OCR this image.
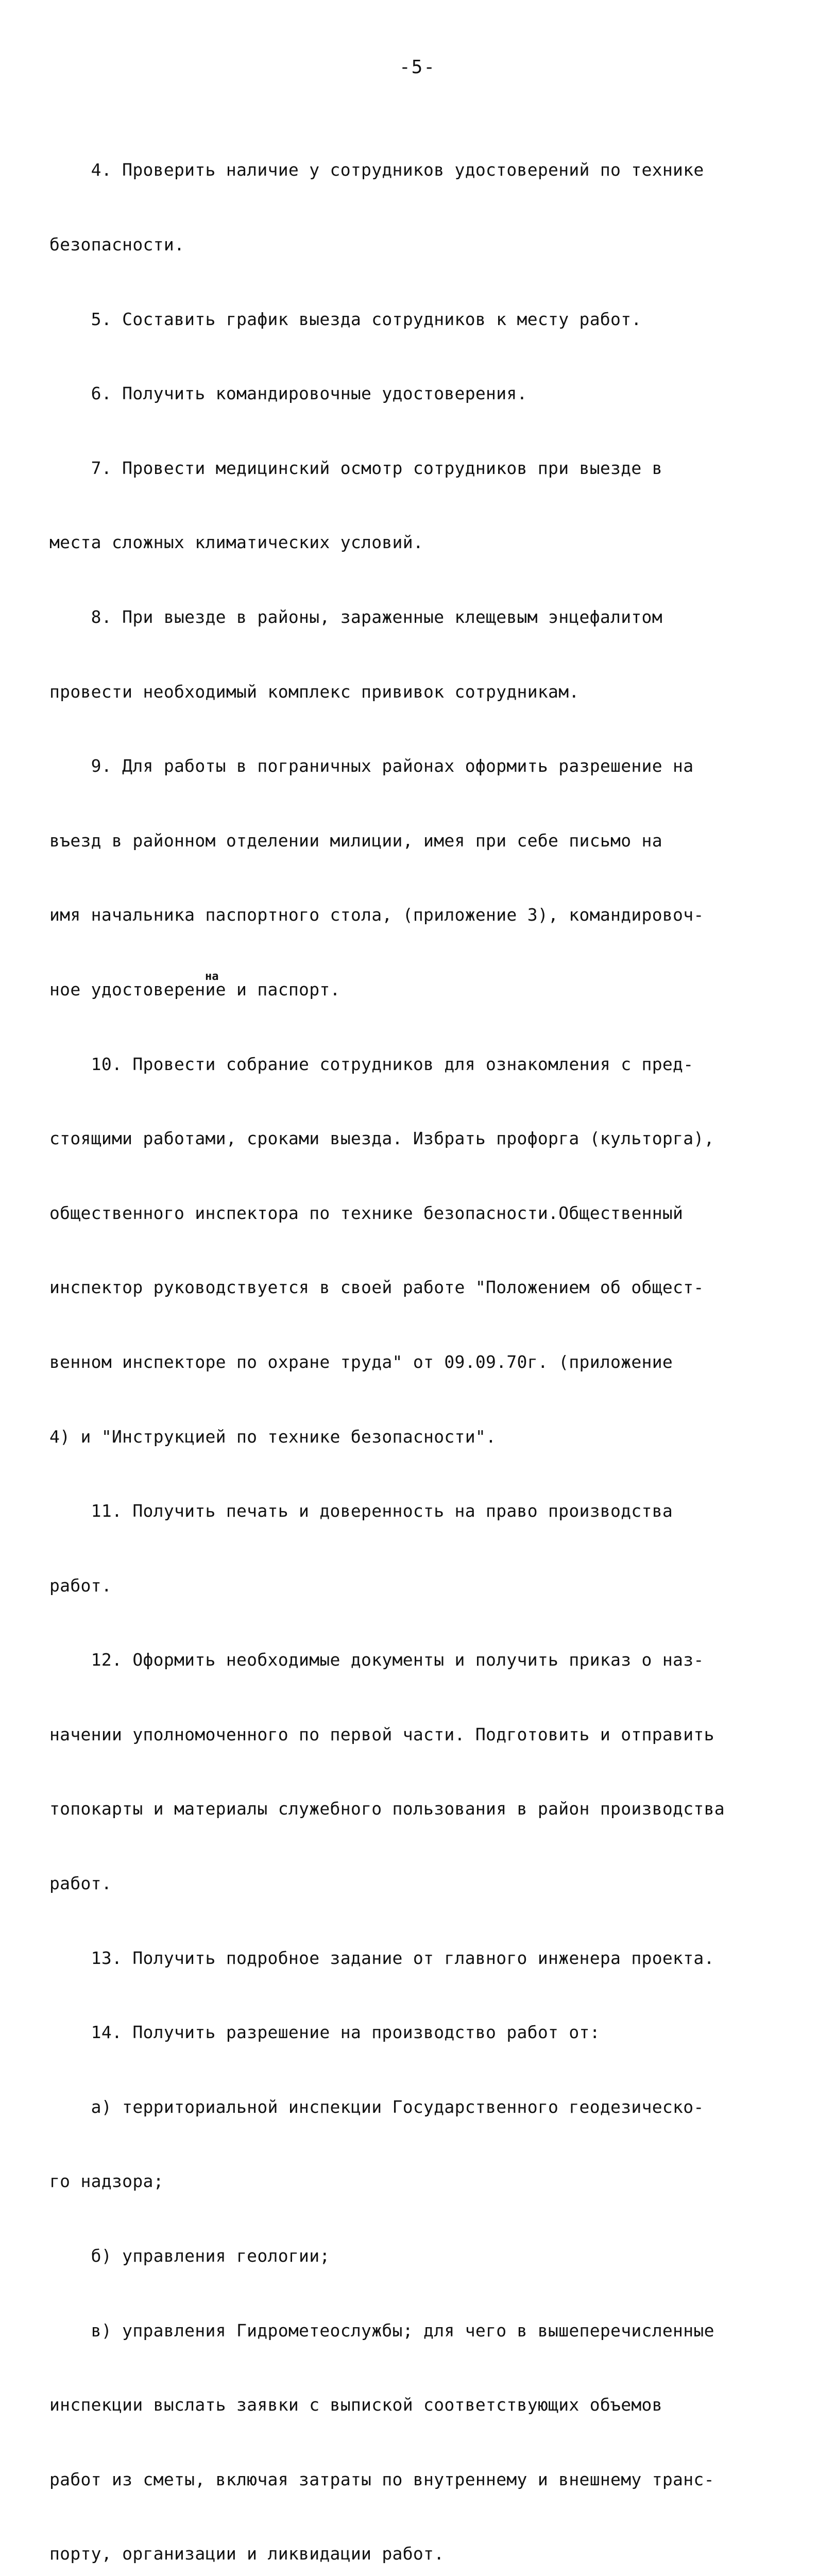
-5-

4. Проверить наличие у сотрудников удостоверений по технике

безопасности.

5. Составить график выезда сотрудников к месту работ.

6. Получить командировочные удостоверения.

7. Провести медицинский осмотр сотрудников при выезде в

места сложных климатических условий.

8. При выезде в районы, зараженные клещевым энцефалитом

провести необходимый комплекс прививок сотрудникам.

9. Для работы в пограничных районах оформить разрешение на

въезд в районном отделении милиции, имея при себе письмо на

имя начальника паспортного стола, (приложение 3), командировоч-

ное удостоверение и паспорт.

10. Провести собрание сотрудников для ознакомления с пред-

стоящими работами, сроками выезда. Избрать профорга (культорга),

общественного инспектора по технике безопасности.Общественный

инспектор руководствуется в своей работе "Положением об общест-

венном инспекторе по охране труда" от 09.09.70г. (приложение

4) и "Инструкцией по технике безопасности".

11. Получить печать и доверенность на право производства

работ.

12. Оформить необходимые документы и получить приказ о наз-

начении уполномоченного по первой части. Подготовить и отправить

топокарты и материалы служебного пользования в район производства

работ.

13. Получить подробное задание от главного инженера проекта.

14. Получить разрешение на производство работ от:

а) территориальной инспекции Государственного геодезическо-

го надзора;

б) управления геологии;

в) управления Гидрометеослужбы; для чего в вышеперечисленные

инспекции выслать заявки с выпиской соответствующих объемов

работ из сметы, включая затраты по внутреннему и внешнему транс-

порту, организации и ликвидации работ.

на
